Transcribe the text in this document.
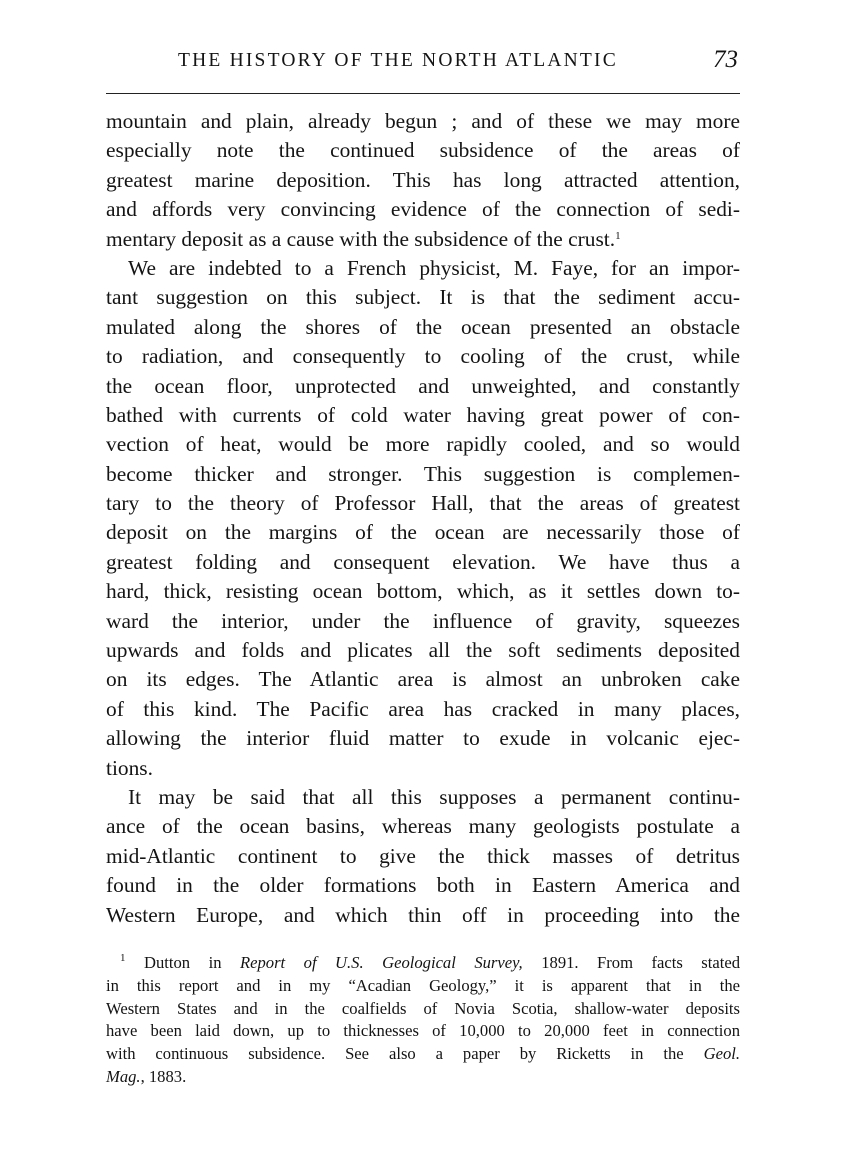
THE HISTORY OF THE NORTH ATLANTIC	73
mountain and plain, already begun ; and of these we may more
especially note the continued subsidence of the areas of
greatest marine deposition. This has long attracted attention,
and affords very convincing evidence of the connection of sedi-
mentary deposit as a cause with the subsidence of the crust.$^1$
We are indebted to a French physicist, M. Faye, for an impor-
tant suggestion on this subject. It is that the sediment accu-
mulated along the shores of the ocean presented an obstacle
to radiation, and consequently to cooling of the crust, while
the ocean floor, unprotected and unweighted, and constantly
bathed with currents of cold water having great power of con-
vection of heat, would be more rapidly cooled, and so would
become thicker and stronger. This suggestion is complemen-
tary to the theory of Professor Hall, that the areas of greatest
deposit on the margins of the ocean are necessarily those of
greatest folding and consequent elevation. We have thus a
hard, thick, resisting ocean bottom, which, as it settles down to-
ward the interior, under the influence of gravity, squeezes
upwards and folds and plicates all the soft sediments deposited
on its edges. The Atlantic area is almost an unbroken cake
of this kind. The Pacific area has cracked in many places,
allowing the interior fluid matter to exude in volcanic ejec-
tions.
It may be said that all this supposes a permanent continu-
ance of the ocean basins, whereas many geologists postulate a
mid-Atlantic continent to give the thick masses of detritus
found in the older formations both in Eastern America and
Western Europe, and which thin off in proceeding into the
$^1$ Dutton in Report of U.S. Geological Survey, 1891. From facts stated
in this report and in my “Acadian Geology,” it is apparent that in the
Western States and in the coalfields of Novia Scotia, shallow-water deposits
have been laid down, up to thicknesses of 10,000 to 20,000 feet in connection
with continuous subsidence. See also a paper by Ricketts in the Geol.
Mag., 1883.
